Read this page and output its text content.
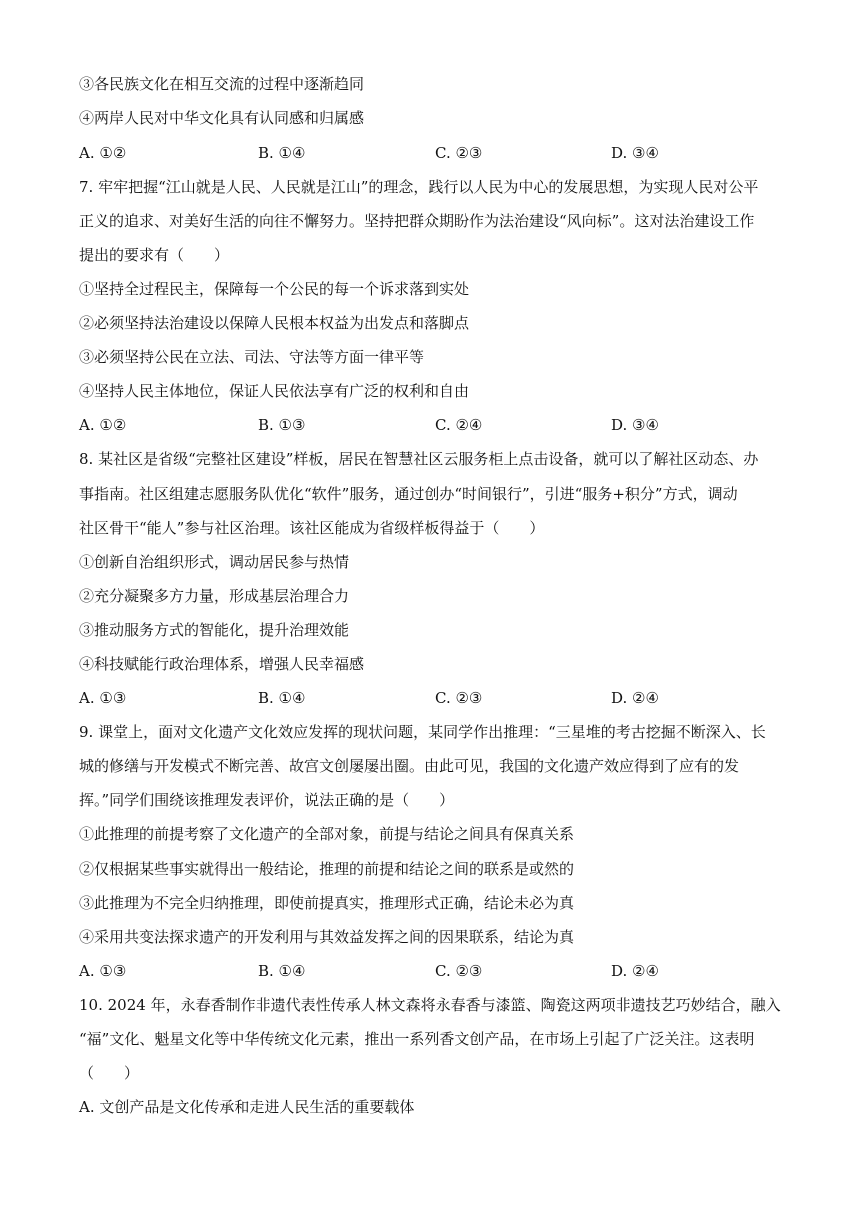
③各民族文化在相互交流的过程中逐渐趋同
④两岸人民对中华文化具有认同感和归属感
A. ①②	B. ①④	C. ②③	D. ③④
7. 牢牢把握“江山就是人民、人民就是江山”的理念，践行以人民为中心的发展思想，为实现人民对公平
正义的追求、对美好生活的向往不懈努力。坚持把群众期盼作为法治建设“风向标”。这对法治建设工作
提出的要求有（　　）
①坚持全过程民主，保障每一个公民的每一个诉求落到实处
②必须坚持法治建设以保障人民根本权益为出发点和落脚点
③必须坚持公民在立法、司法、守法等方面一律平等
④坚持人民主体地位，保证人民依法享有广泛的权利和自由
A. ①②	B. ①③	C. ②④	D. ③④
8. 某社区是省级“完整社区建设”样板，居民在智慧社区云服务柜上点击设备，就可以了解社区动态、办
事指南。社区组建志愿服务队优化“软件”服务，通过创办“时间银行”，引进“服务+积分”方式，调动
社区骨干“能人”参与社区治理。该社区能成为省级样板得益于（　　）
①创新自治组织形式，调动居民参与热情
②充分凝聚多方力量，形成基层治理合力
③推动服务方式的智能化，提升治理效能
④科技赋能行政治理体系，增强人民幸福感
A. ①③	B. ①④	C. ②③	D. ②④
9. 课堂上，面对文化遗产文化效应发挥的现状问题，某同学作出推理：“三星堆的考古挖掘不断深入、长
城的修缮与开发模式不断完善、故宫文创屡屡出圈。由此可见，我国的文化遗产效应得到了应有的发
挥。”同学们围绕该推理发表评价，说法正确的是（　　）
①此推理的前提考察了文化遗产的全部对象，前提与结论之间具有保真关系
②仅根据某些事实就得出一般结论，推理的前提和结论之间的联系是或然的
③此推理为不完全归纳推理，即使前提真实，推理形式正确，结论未必为真
④采用共变法探求遗产的开发利用与其效益发挥之间的因果联系，结论为真
A. ①③	B. ①④	C. ②③	D. ②④
10. 2024 年，永春香制作非遗代表性传承人林文森将永春香与漆篮、陶瓷这两项非遗技艺巧妙结合，融入
“福”文化、魁星文化等中华传统文化元素，推出一系列香文创产品，在市场上引起了广泛关注。这表明
（　　）
A. 文创产品是文化传承和走进人民生活的重要载体
